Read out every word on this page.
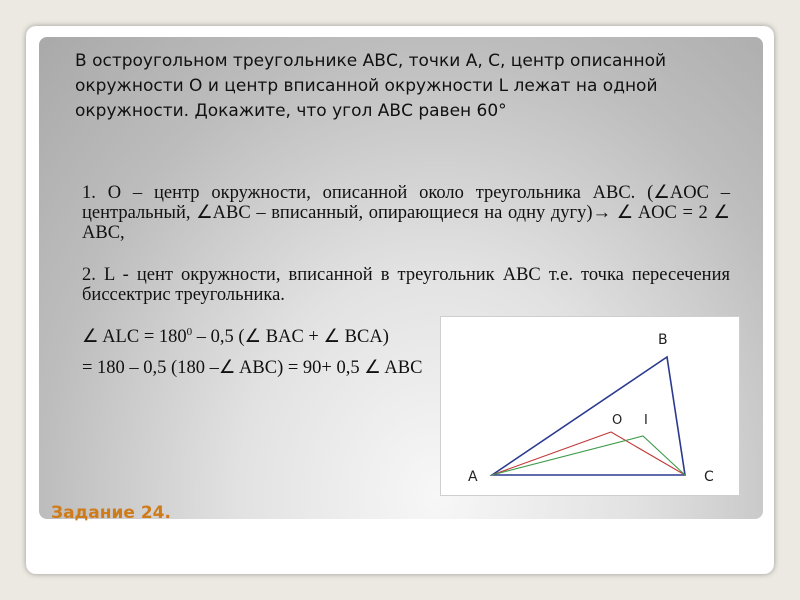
В остроугольном треугольнике АВС, точки А, С, центр описанной окружности О и центр вписанной окружности L лежат на одной окружности. Докажите, что угол АВС равен 60°

1. O – центр окружности, описанной около треугольника ABC. (∠AOC – центральный, ∠ABC – вписанный, опирающиеся на одну дугу)→ ∠ AOC = 2 ∠ ABC,

2. L - цент окружности, вписанной в треугольник ABC т.е. точка пересечения биссектрис треугольника.

∠ ALC = $180^0 - 0,5$ (∠ BAC + ∠ BCA)

= 180 – 0,5 (180 –∠ ABC) = 90+ 0,5 ∠ ABC

A
B
C
O I

Задание 24.
